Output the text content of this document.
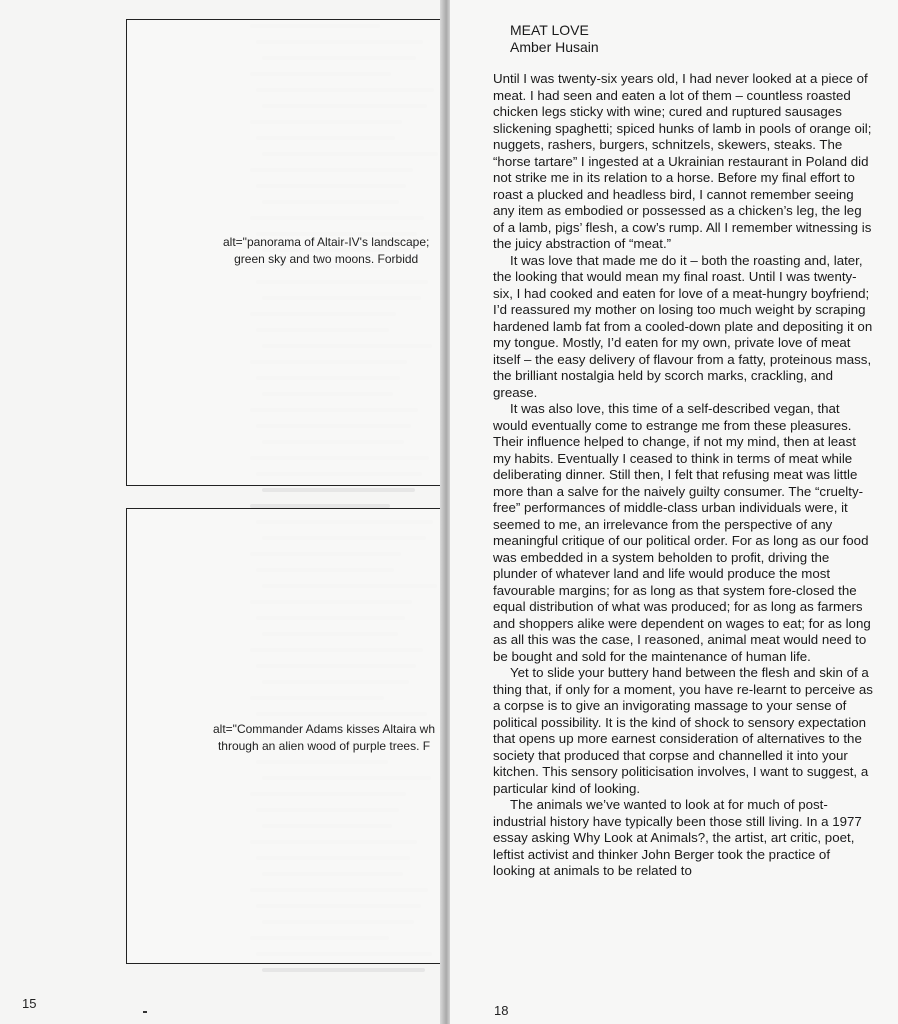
alt="panorama of Altair-IV's landscape;
green sky and two moons. Forbidd
alt="Commander Adams kisses Altaira wh
through an alien wood of purple trees. F
15

MEAT LOVE

Amber Husain

Until I was twenty-six years old, I had never looked at a piece of meat. I had seen and eaten a lot of them – countless roasted chicken legs sticky with wine; cured and ruptured sausages slickening spaghetti; spiced hunks of lamb in pools of orange oil; nuggets, rashers, burgers, schnitzels, skewers, steaks. The “horse tartare” I ingested at a Ukrainian restaurant in Poland did not strike me in its relation to a horse. Before my final effort to roast a plucked and headless bird, I cannot remember seeing any item as embodied or possessed as a chicken’s leg, the leg of a lamb, pigs’ flesh, a cow’s rump. All I remember witnessing is the juicy abstraction of “meat.”

It was love that made me do it – both the roasting and, later, the looking that would mean my final roast. Until I was twenty-six, I had cooked and eaten for love of a meat-hungry boyfriend; I’d reassured my mother on losing too much weight by scraping hardened lamb fat from a cooled-down plate and depositing it on my tongue. Mostly, I’d eaten for my own, private love of meat itself – the easy delivery of flavour from a fatty, proteinous mass, the brilliant nostalgia held by scorch marks, crackling, and grease.

It was also love, this time of a self-described vegan, that would eventually come to estrange me from these pleasures. Their influence helped to change, if not my mind, then at least my habits. Eventually I ceased to think in terms of meat while deliberating dinner. Still then, I felt that refusing meat was little more than a salve for the naively guilty consumer. The “cruelty-free” performances of middle-class urban individuals were, it seemed to me, an irrelevance from the perspective of any meaningful critique of our political order. For as long as our food was embedded in a system beholden to profit, driving the plunder of whatever land and life would produce the most favourable margins; for as long as that system fore-closed the equal distribution of what was produced; for as long as farmers and shoppers alike were dependent on wages to eat; for as long as all this was the case, I reasoned, animal meat would need to be bought and sold for the maintenance of human life.

Yet to slide your buttery hand between the flesh and skin of a thing that, if only for a moment, you have re-learnt to perceive as a corpse is to give an invigorating massage to your sense of political possibility. It is the kind of shock to sensory expectation that opens up more earnest consideration of alternatives to the society that produced that corpse and channelled it into your kitchen. This sensory politicisation involves, I want to suggest, a particular kind of looking.

The animals we’ve wanted to look at for much of post-industrial history have typically been those still living. In a 1977 essay asking Why Look at Animals?, the artist, art critic, poet, leftist activist and thinker John Berger took the practice of looking at animals to be related to

18
